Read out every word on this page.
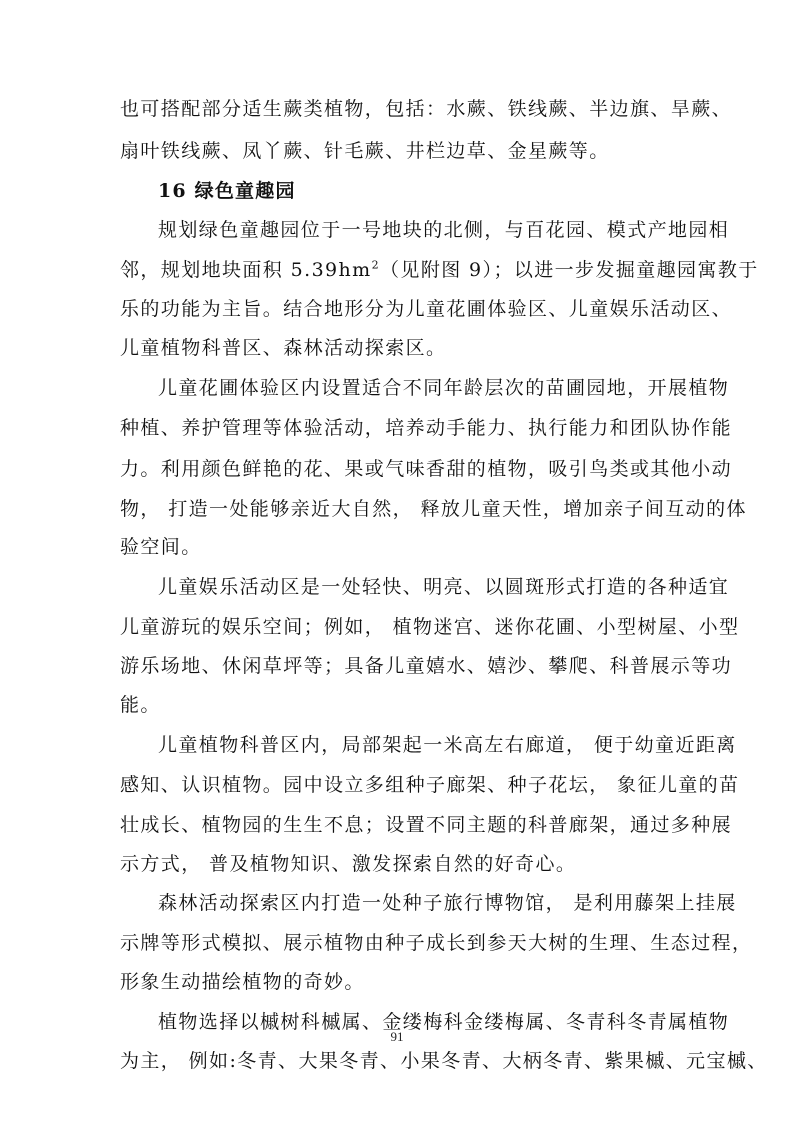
也可搭配部分适生蕨类植物，包括：水蕨、铁线蕨、半边旗、旱蕨、
扇叶铁线蕨、凤丫蕨、针毛蕨、井栏边草、金星蕨等。
16 绿色童趣园
规划绿色童趣园位于一号地块的北侧，与百花园、模式产地园相
邻，规划地块面积 $5.39hm^2$（见附图 9）；以进一步发掘童趣园寓教于
乐的功能为主旨。结合地形分为儿童花圃体验区、儿童娱乐活动区、
儿童植物科普区、森林活动探索区。
儿童花圃体验区内设置适合不同年龄层次的苗圃园地，开展植物
种植、养护管理等体验活动，培养动手能力、执行能力和团队协作能
力。利用颜色鲜艳的花、果或气味香甜的植物，吸引鸟类或其他小动
物， 打造一处能够亲近大自然， 释放儿童天性，增加亲子间互动的体
验空间。
儿童娱乐活动区是一处轻快、明亮、以圆斑形式打造的各种适宜
儿童游玩的娱乐空间；例如， 植物迷宫、迷你花圃、小型树屋、小型
游乐场地、休闲草坪等；具备儿童嬉水、嬉沙、攀爬、科普展示等功
能。
儿童植物科普区内，局部架起一米高左右廊道， 便于幼童近距离
感知、认识植物。园中设立多组种子廊架、种子花坛， 象征儿童的苗
壮成长、植物园的生生不息；设置不同主题的科普廊架，通过多种展
示方式， 普及植物知识、激发探索自然的好奇心。
森林活动探索区内打造一处种子旅行博物馆， 是利用藤架上挂展
示牌等形式模拟、展示植物由种子成长到参天大树的生理、生态过程，
形象生动描绘植物的奇妙。
植物选择以槭树科槭属、金缕梅科金缕梅属、冬青科冬青属植物
为主， 例如:冬青、大果冬青、小果冬青、大柄冬青、紫果槭、元宝槭、
91
